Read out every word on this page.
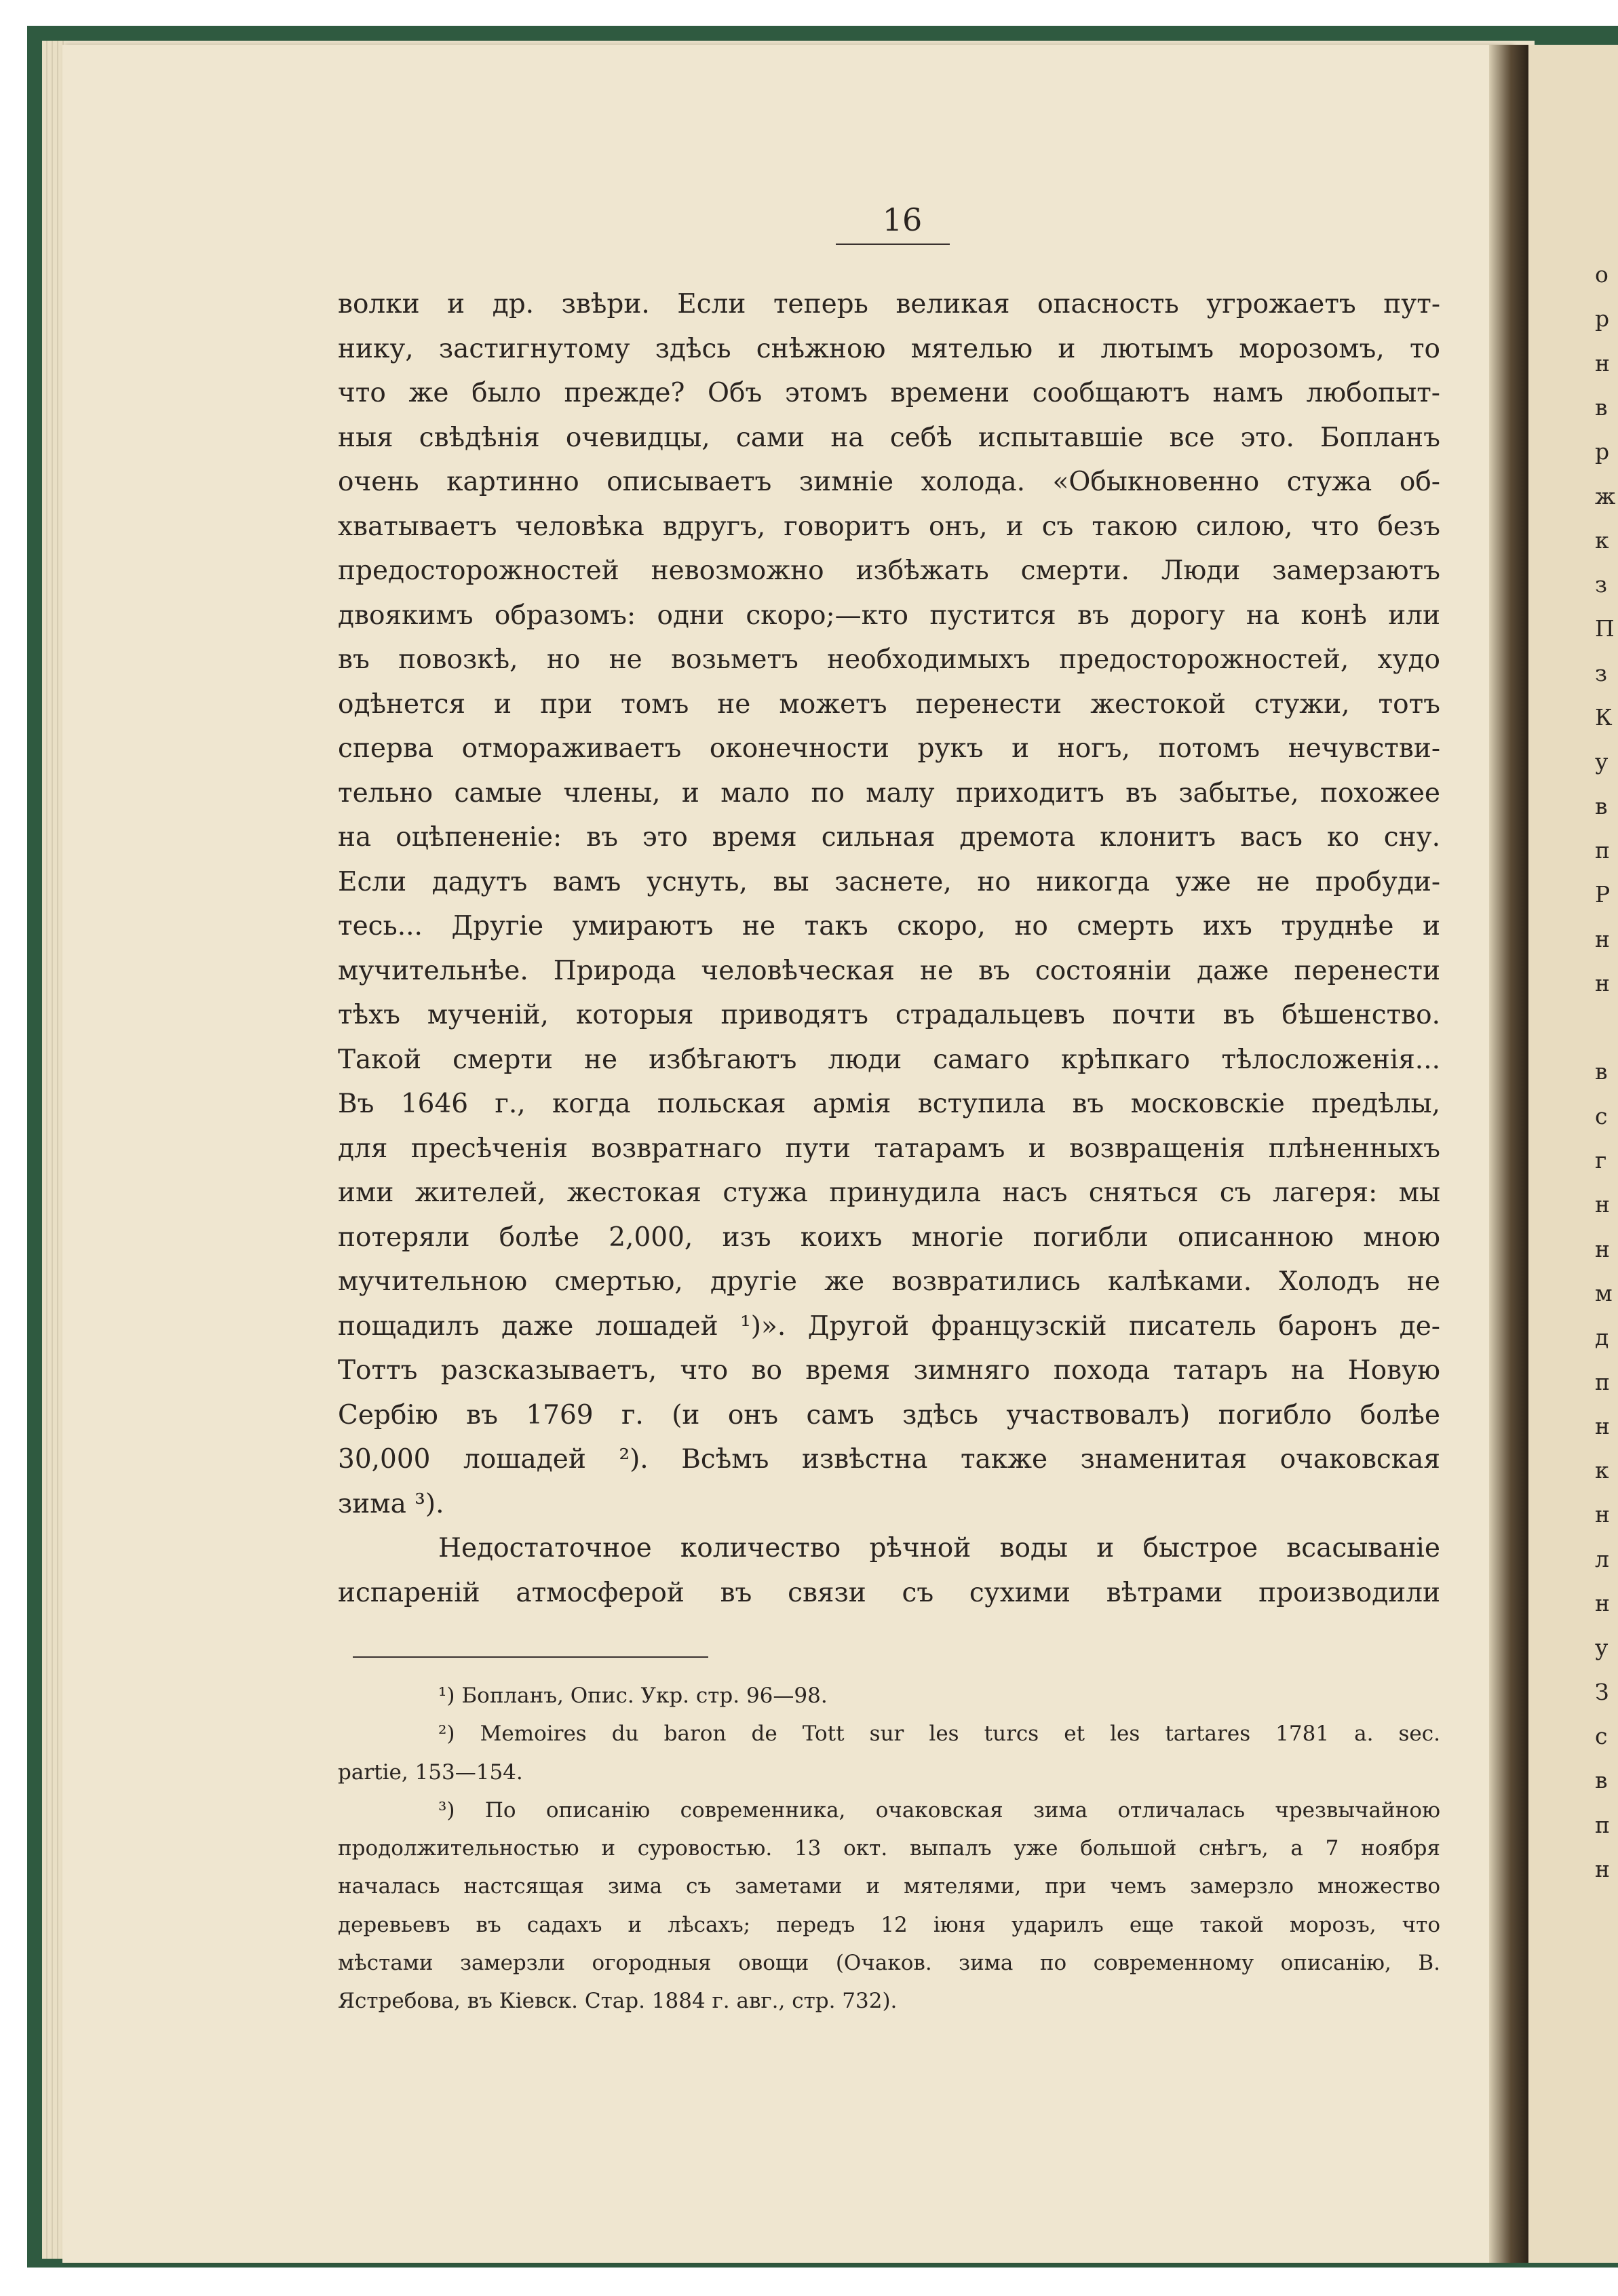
о
р
н
в
р
ж
к
з
П
з
К
у
в
п
Р
н
н
в
с
г
н
н
м
д
п
н
к
н
л
н
у
З
с
в
п
н
16
волки и др. звѣри. Если теперь великая опасность угрожаетъ пут-
нику, застигнутому здѣсь снѣжною мятелью и лютымъ морозомъ, то
что же было прежде? Объ этомъ времени сообщаютъ намъ любопыт-
ныя свѣдѣнія очевидцы, сами на себѣ испытавшіе все это. Бопланъ
очень картинно описываетъ зимніе холода. «Обыкновенно стужа об-
хватываетъ человѣка вдругъ, говоритъ онъ, и съ такою силою, что безъ
предосторожностей невозможно избѣжать смерти. Люди замерзаютъ
двоякимъ образомъ: одни скоро;—кто пустится въ дорогу на конѣ или
въ повозкѣ, но не возьметъ необходимыхъ предосторожностей, худо
одѣнется и при томъ не можетъ перенести жестокой стужи, тотъ
сперва отмораживаетъ оконечности рукъ и ногъ, потомъ нечувстви-
тельно самые члены, и мало по малу приходитъ въ забытье, похожее
на оцѣпененіе: въ это время сильная дремота клонитъ васъ ко сну.
Если дадутъ вамъ уснуть, вы заснете, но никогда уже не пробуди-
тесь... Другіе умираютъ не такъ скоро, но смерть ихъ труднѣе и
мучительнѣе. Природа человѣческая не въ состояніи даже перенести
тѣхъ мученій, которыя приводятъ страдальцевъ почти въ бѣшенство.
Такой смерти не избѣгаютъ люди самаго крѣпкаго тѣлосложенія...
Въ 1646 г., когда польская армія вступила въ московскіе предѣлы,
для пресѣченія возвратнаго пути татарамъ и возвращенія плѣненныхъ
ими жителей, жестокая стужа принудила насъ сняться съ лагеря: мы
потеряли болѣе 2,000, изъ коихъ многіе погибли описанною мною
мучительною смертью, другіе же возвратились калѣками. Холодъ не
пощадилъ даже лошадей ¹)». Другой французскій писатель баронъ де-
Тоттъ разсказываетъ, что во время зимняго похода татаръ на Новую
Сербію въ 1769 г. (и онъ самъ здѣсь участвовалъ) погибло болѣе
30,000 лошадей ²). Всѣмъ извѣстна также знаменитая очаковская
зима ³).
Недостаточное количество рѣчной воды и быстрое всасываніе
испареній атмосферой въ связи съ сухими вѣтрами производили
¹) Бопланъ, Опис. Укр. стр. 96—98.
²) Memoires du baron de Tott sur les turcs et les tartares 1781 a. sec.
partie, 153—154.
³) По описанію современника, очаковская зима отличалась чрезвычайною
продолжительностью и суровостью. 13 окт. выпалъ уже большой снѣгъ, а 7 ноября
началась настсящая зима съ заметами и мятелями, при чемъ замерзло множество
деревьевъ въ садахъ и лѣсахъ; передъ 12 іюня ударилъ еще такой морозъ, что
мѣстами замерзли огородныя овощи (Очаков. зима по современному описанію, В.
Ястребова, въ Кіевск. Стар. 1884 г. авг., стр. 732).
